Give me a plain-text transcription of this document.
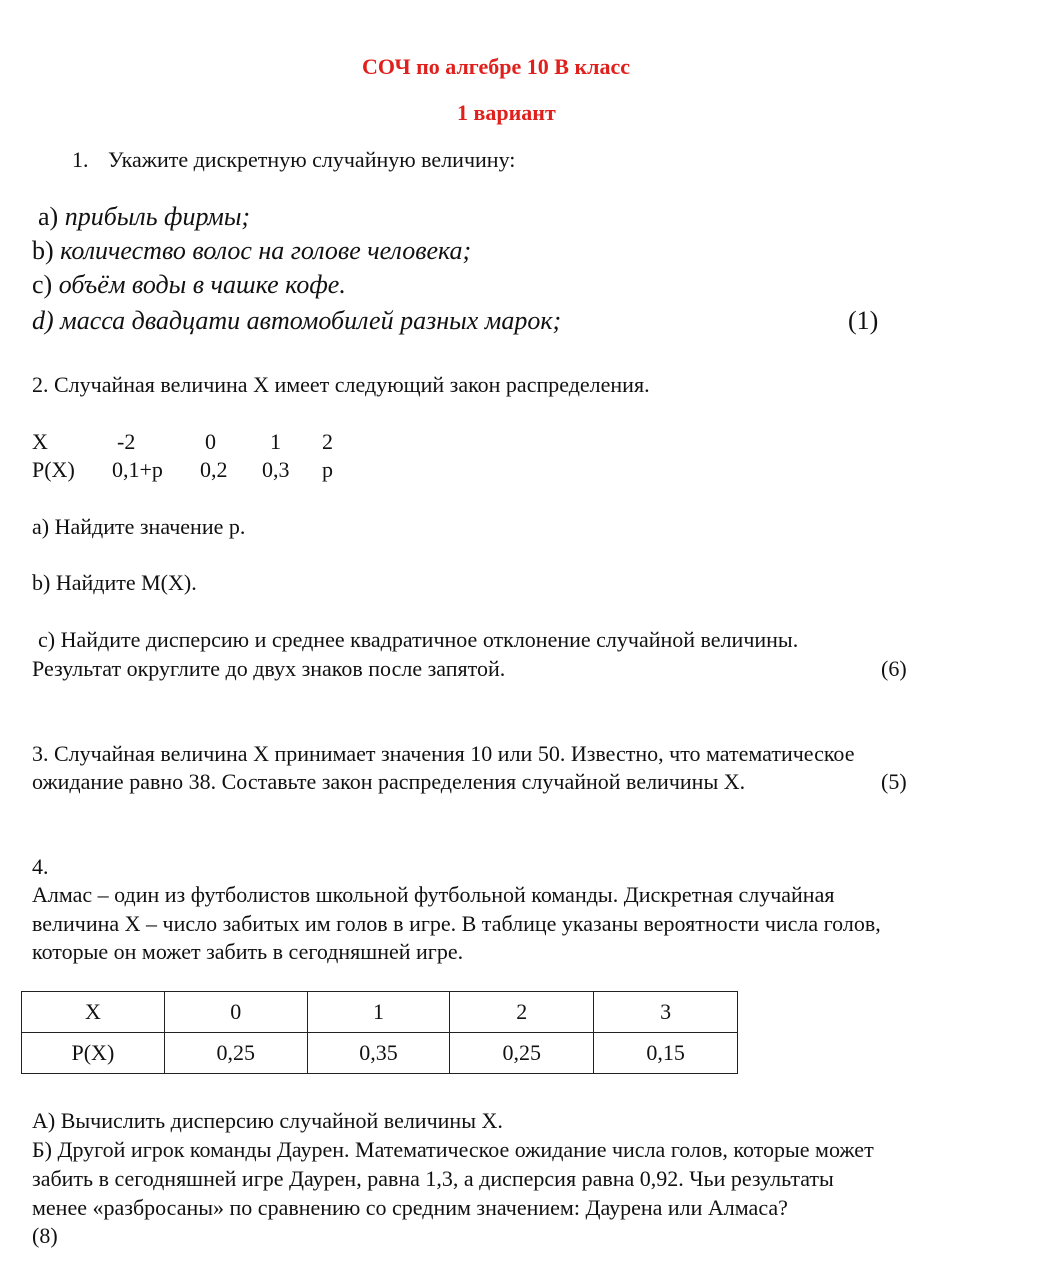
СОЧ по алгебре 10 В класс
1 вариант
1. Укажите дискретную случайную величину:
a) прибыль фирмы;
b) количество волос на голове человека;
c) объём воды в чашке кофе.
d) масса двадцати автомобилей разных марок;	(1)
2. Случайная величина X имеет следующий закон распределения.
X	-2	0 1 2
P(X) 0,1+p 0,2 0,3 p
a) Найдите значение p.
b) Найдите M(X).
c) Найдите дисперсию и среднее квадратичное отклонение случайной величины.
Результат округлите до двух знаков после запятой.	(6)
3. Случайная величина X принимает значения 10 или 50. Известно, что математическое
ожидание равно 38. Составьте закон распределения случайной величины X.	(5)
4.
Алмас – один из футболистов школьной футбольной команды. Дискретная случайная
величина X – число забитых им голов в игре. В таблице указаны вероятности числа голов,
которые он может забить в сегодняшней игре.
X	0	1	2	3
P(X)	0,25	0,35	0,25	0,15
А) Вычислить дисперсию случайной величины X.
Б) Другой игрок команды Даурен. Математическое ожидание числа голов, которые может
забить в сегодняшней игре Даурен, равна 1,3, а дисперсия равна 0,92. Чьи результаты
менее «разбросаны» по сравнению со средним значением: Даурена или Алмаса?
(8)
